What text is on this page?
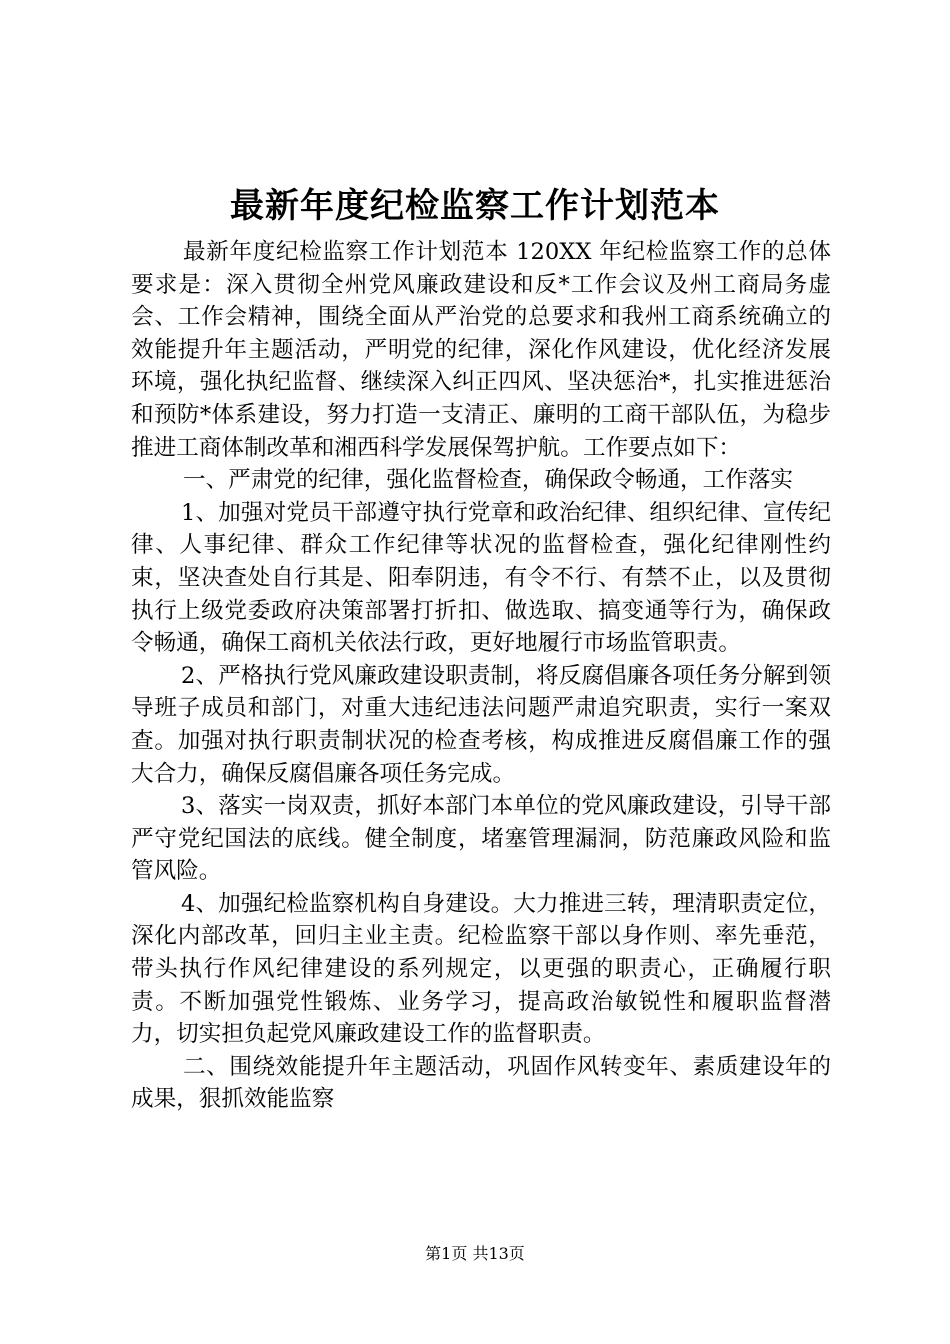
最新年度纪检监察工作计划范本

最新年度纪检监察工作计划范本 120XX 年纪检监察工作的总体要求是：深入贯彻全州党风廉政建设和反*工作会议及州工商局务虚会、工作会精神，围绕全面从严治党的总要求和我州工商系统确立的效能提升年主题活动，严明党的纪律，深化作风建设，优化经济发展环境，强化执纪监督、继续深入纠正四风、坚决惩治*，扎实推进惩治和预防*体系建设，努力打造一支清正、廉明的工商干部队伍，为稳步推进工商体制改革和湘西科学发展保驾护航。工作要点如下：

一、严肃党的纪律，强化监督检查，确保政令畅通，工作落实

1、加强对党员干部遵守执行党章和政治纪律、组织纪律、宣传纪律、人事纪律、群众工作纪律等状况的监督检查，强化纪律刚性约束，坚决查处自行其是、阳奉阴违，有令不行、有禁不止，以及贯彻执行上级党委政府决策部署打折扣、做选取、搞变通等行为，确保政令畅通，确保工商机关依法行政，更好地履行市场监管职责。

2、严格执行党风廉政建设职责制，将反腐倡廉各项任务分解到领导班子成员和部门，对重大违纪违法问题严肃追究职责，实行一案双查。加强对执行职责制状况的检查考核，构成推进反腐倡廉工作的强大合力，确保反腐倡廉各项任务完成。

3、落实一岗双责，抓好本部门本单位的党风廉政建设，引导干部严守党纪国法的底线。健全制度，堵塞管理漏洞，防范廉政风险和监管风险。

4、加强纪检监察机构自身建设。大力推进三转，理清职责定位，深化内部改革，回归主业主责。纪检监察干部以身作则、率先垂范，带头执行作风纪律建设的系列规定，以更强的职责心，正确履行职责。不断加强党性锻炼、业务学习，提高政治敏锐性和履职监督潜力，切实担负起党风廉政建设工作的监督职责。

二、围绕效能提升年主题活动，巩固作风转变年、素质建设年的成果，狠抓效能监察

第1页 共13页
